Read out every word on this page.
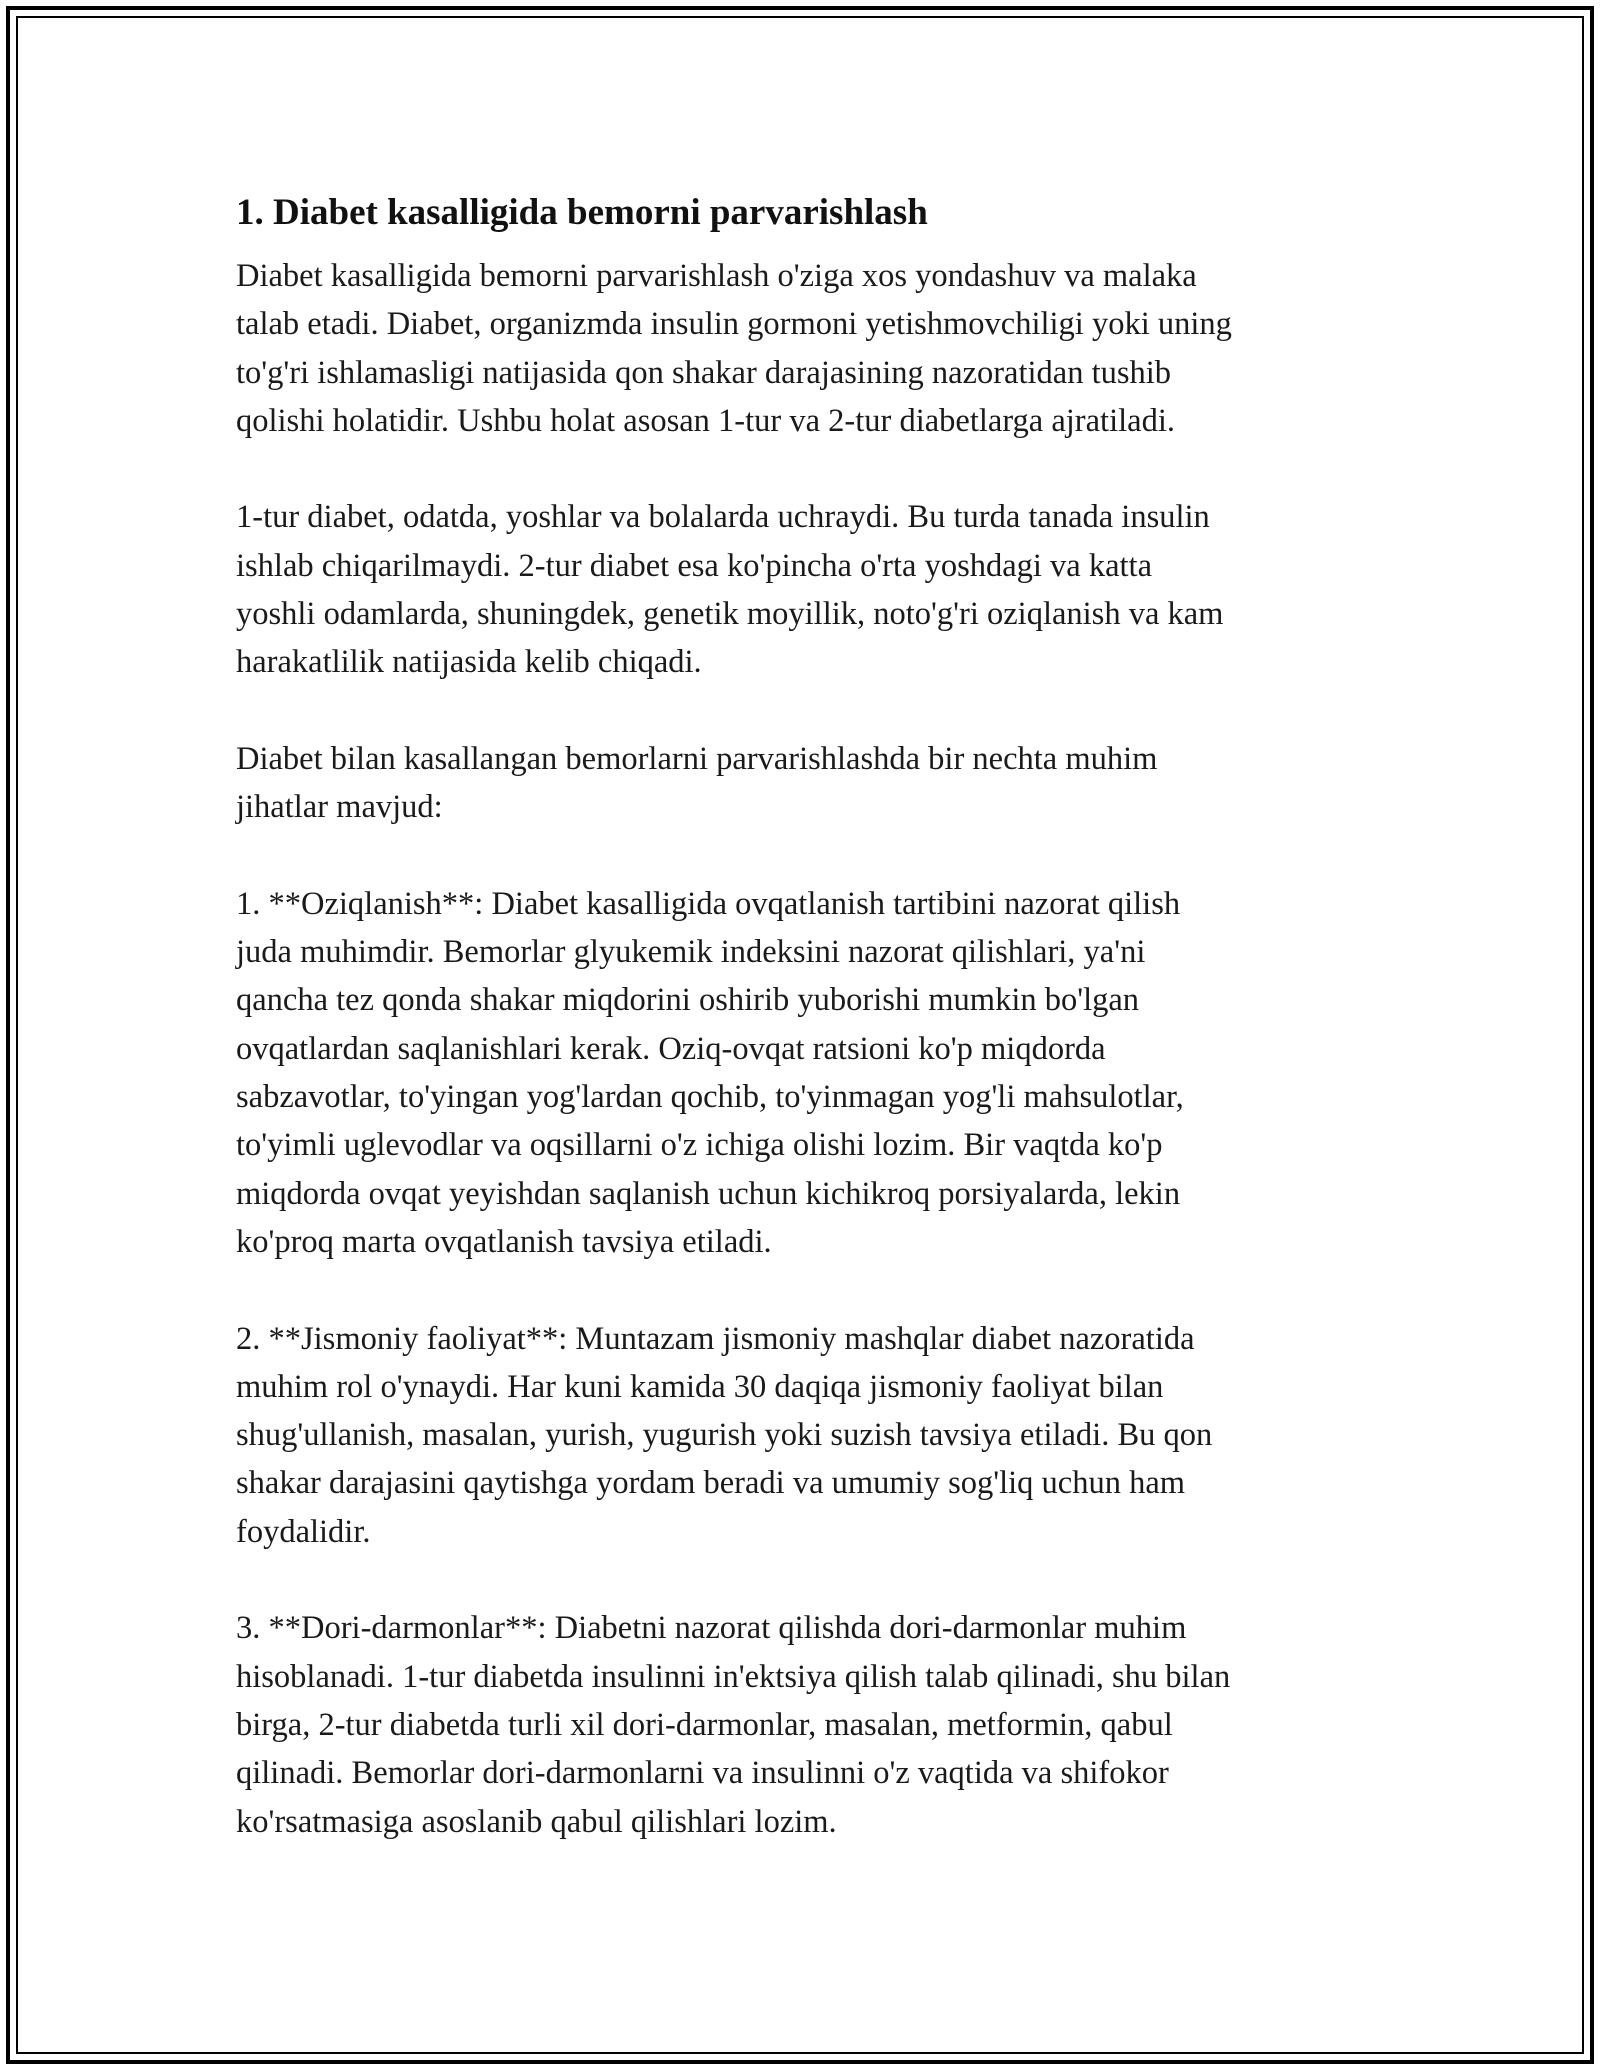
1. Diabet kasalligida bemorni parvarishlash

Diabet kasalligida bemorni parvarishlash o'ziga xos yondashuv va malaka
talab etadi. Diabet, organizmda insulin gormoni yetishmovchiligi yoki uning
to'g'ri ishlamasligi natijasida qon shakar darajasining nazoratidan tushib
qolishi holatidir. Ushbu holat asosan 1-tur va 2-tur diabetlarga ajratiladi.

1-tur diabet, odatda, yoshlar va bolalarda uchraydi. Bu turda tanada insulin
ishlab chiqarilmaydi. 2-tur diabet esa ko'pincha o'rta yoshdagi va katta
yoshli odamlarda, shuningdek, genetik moyillik, noto'g'ri oziqlanish va kam
harakatlilik natijasida kelib chiqadi.

Diabet bilan kasallangan bemorlarni parvarishlashda bir nechta muhim
jihatlar mavjud:

1. **Oziqlanish**: Diabet kasalligida ovqatlanish tartibini nazorat qilish
juda muhimdir. Bemorlar glyukemik indeksini nazorat qilishlari, ya'ni
qancha tez qonda shakar miqdorini oshirib yuborishi mumkin bo'lgan
ovqatlardan saqlanishlari kerak. Oziq-ovqat ratsioni ko'p miqdorda
sabzavotlar, to'yingan yog'lardan qochib, to'yinmagan yog'li mahsulotlar,
to'yimli uglevodlar va oqsillarni o'z ichiga olishi lozim. Bir vaqtda ko'p
miqdorda ovqat yeyishdan saqlanish uchun kichikroq porsiyalarda, lekin
ko'proq marta ovqatlanish tavsiya etiladi.

2. **Jismoniy faoliyat**: Muntazam jismoniy mashqlar diabet nazoratida
muhim rol o'ynaydi. Har kuni kamida 30 daqiqa jismoniy faoliyat bilan
shug'ullanish, masalan, yurish, yugurish yoki suzish tavsiya etiladi. Bu qon
shakar darajasini qaytishga yordam beradi va umumiy sog'liq uchun ham
foydalidir.

3. **Dori-darmonlar**: Diabetni nazorat qilishda dori-darmonlar muhim
hisoblanadi. 1-tur diabetda insulinni in'ektsiya qilish talab qilinadi, shu bilan
birga, 2-tur diabetda turli xil dori-darmonlar, masalan, metformin, qabul
qilinadi. Bemorlar dori-darmonlarni va insulinni o'z vaqtida va shifokor
ko'rsatmasiga asoslanib qabul qilishlari lozim.
